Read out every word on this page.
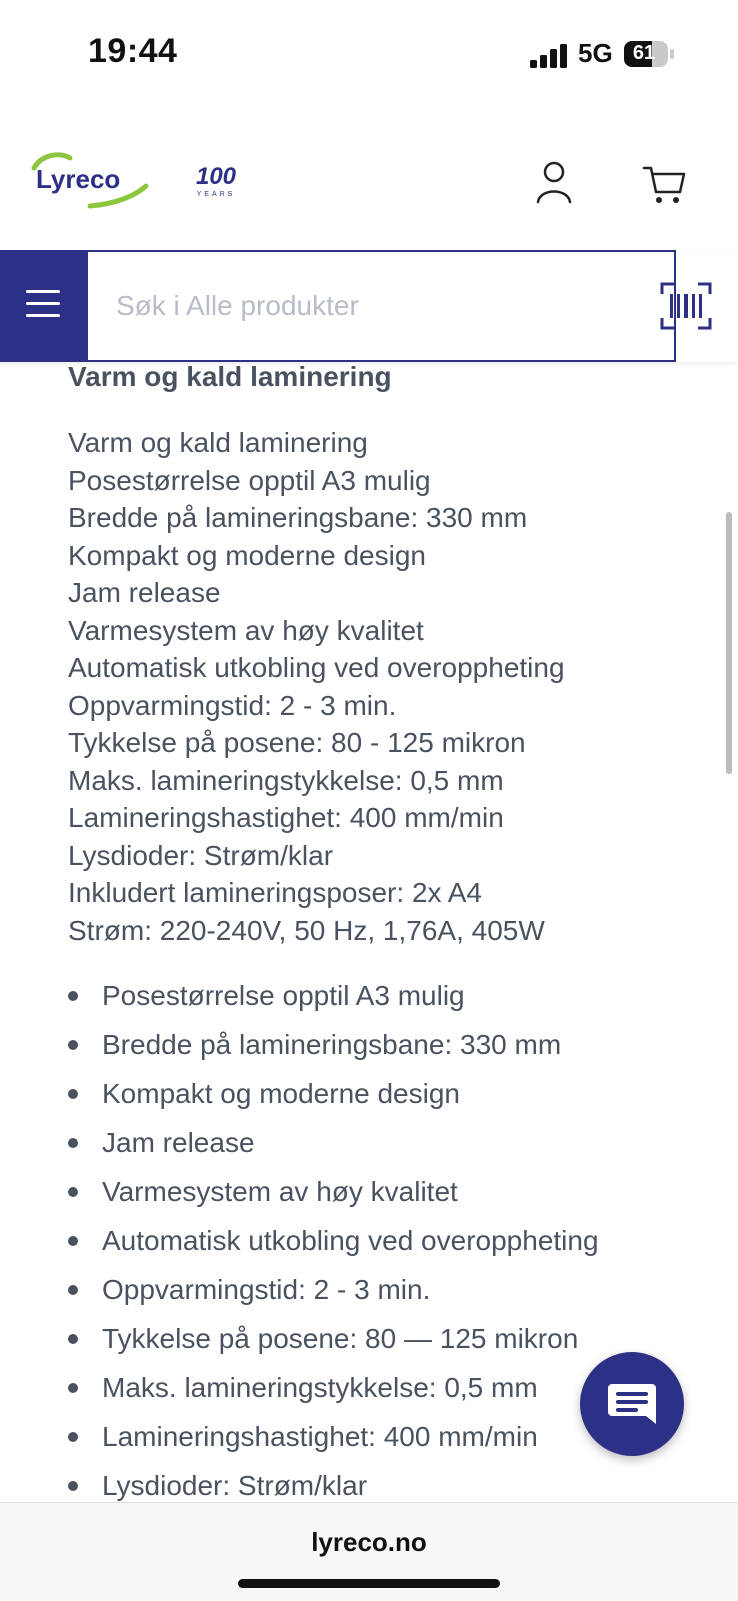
19:44	5G	61
Lyreco	100
YEARS
Søk i Alle produkter
Varm og kald laminering
Varm og kald laminering
Posestørrelse opptil A3 mulig
Bredde på lamineringsbane: 330 mm
Kompakt og moderne design
Jam release
Varmesystem av høy kvalitet
Automatisk utkobling ved overoppheting
Oppvarmingstid: 2 - 3 min.
Tykkelse på posene: 80 - 125 mikron
Maks. lamineringstykkelse: 0,5 mm
Lamineringshastighet: 400 mm/min
Lysdioder: Strøm/klar
Inkludert lamineringsposer: 2x A4
Strøm: 220-240V, 50 Hz, 1,76A, 405W
Posestørrelse opptil A3 mulig
Bredde på lamineringsbane: 330 mm
Kompakt og moderne design
Jam release
Varmesystem av høy kvalitet
Automatisk utkobling ved overoppheting
Oppvarmingstid: 2 - 3 min.
Tykkelse på posene: 80 — 125 mikron
Maks. lamineringstykkelse: 0,5 mm
Lamineringshastighet: 400 mm/min
Lysdioder: Strøm/klar
lyreco.no
